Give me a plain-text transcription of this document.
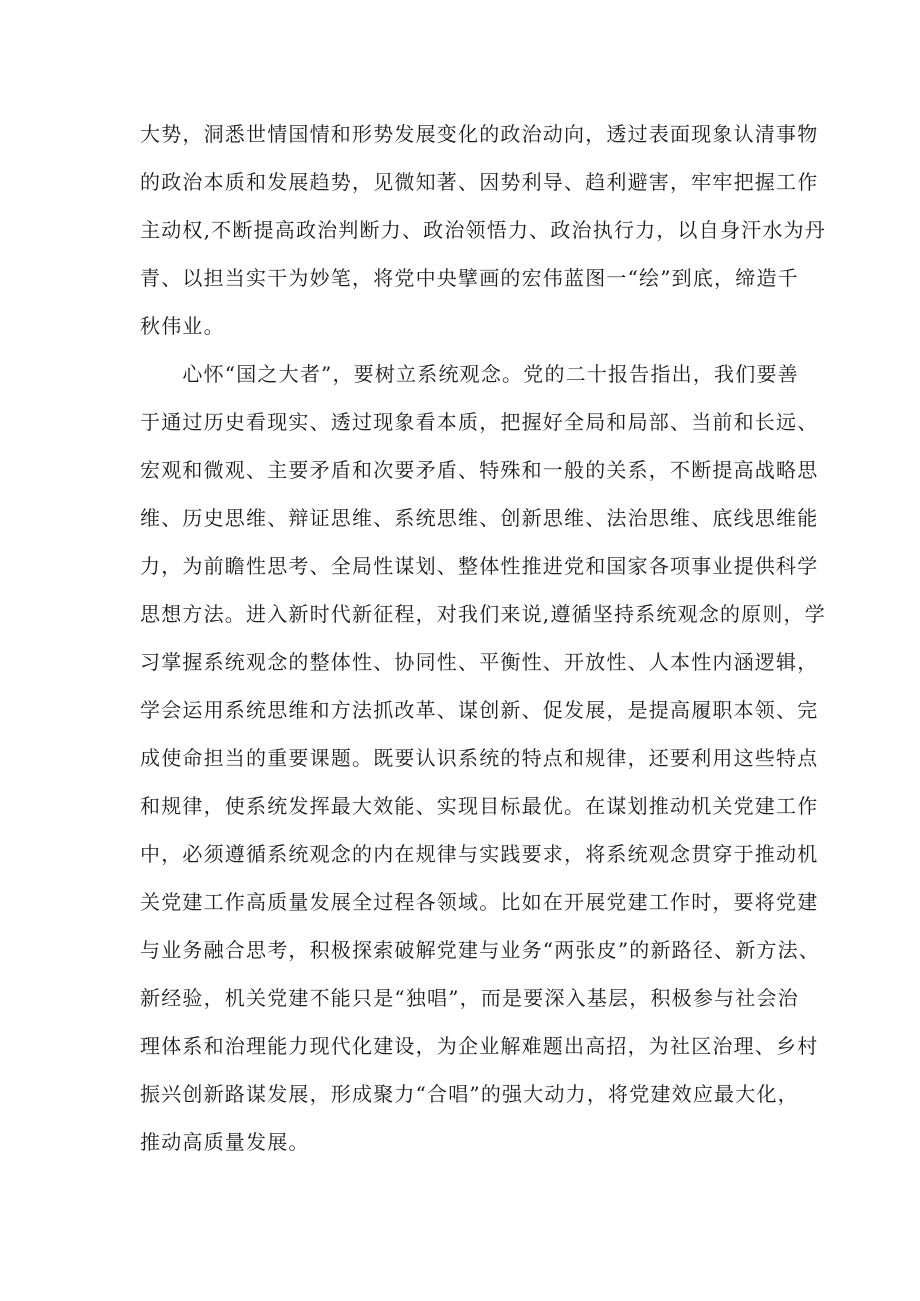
大势，洞悉世情国情和形势发展变化的政治动向，透过表面现象认清事物
的政治本质和发展趋势，见微知著、因势利导、趋利避害，牢牢把握工作
主动权,不断提高政治判断力、政治领悟力、政治执行力，以自身汗水为丹
青、以担当实干为妙笔，将党中央擘画的宏伟蓝图一“绘”到底，缔造千
秋伟业。
　　心怀“国之大者”，要树立系统观念。党的二十报告指出，我们要善
于通过历史看现实、透过现象看本质，把握好全局和局部、当前和长远、
宏观和微观、主要矛盾和次要矛盾、特殊和一般的关系，不断提高战略思
维、历史思维、辩证思维、系统思维、创新思维、法治思维、底线思维能
力，为前瞻性思考、全局性谋划、整体性推进党和国家各项事业提供科学
思想方法。进入新时代新征程，对我们来说,遵循坚持系统观念的原则，学
习掌握系统观念的整体性、协同性、平衡性、开放性、人本性内涵逻辑，
学会运用系统思维和方法抓改革、谋创新、促发展，是提高履职本领、完
成使命担当的重要课题。既要认识系统的特点和规律，还要利用这些特点
和规律，使系统发挥最大效能、实现目标最优。在谋划推动机关党建工作
中，必须遵循系统观念的内在规律与实践要求，将系统观念贯穿于推动机
关党建工作高质量发展全过程各领域。比如在开展党建工作时，要将党建
与业务融合思考，积极探索破解党建与业务“两张皮”的新路径、新方法、
新经验，机关党建不能只是“独唱”，而是要深入基层，积极参与社会治
理体系和治理能力现代化建设，为企业解难题出高招，为社区治理、乡村
振兴创新路谋发展，形成聚力“合唱”的强大动力，将党建效应最大化，
推动高质量发展。
